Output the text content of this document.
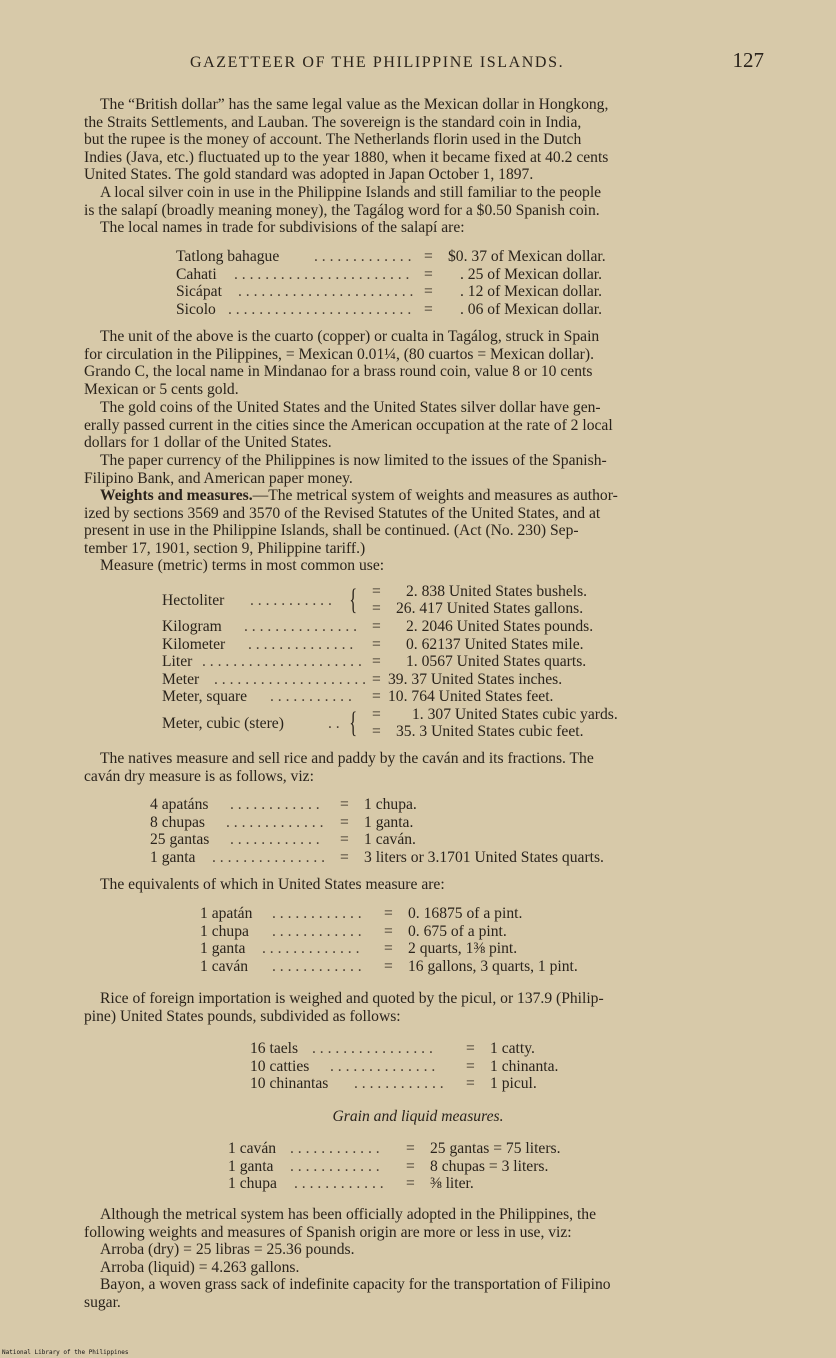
GAZETTEER OF THE PHILIPPINE ISLANDS.	127
The “British dollar” has the same legal value as the Mexican dollar in Hongkong,
the Straits Settlements, and Lauban. The sovereign is the standard coin in India,
but the rupee is the money of account. The Netherlands florin used in the Dutch
Indies (Java, etc.) fluctuated up to the year 1880, when it became fixed at 40.2 cents
United States. The gold standard was adopted in Japan October 1, 1897.
A local silver coin in use in the Philippine Islands and still familiar to the people
is the salapí (broadly meaning money), the Tagálog word for a $0.50 Spanish coin.
The local names in trade for subdivisions of the salapí are:
Tatlong bahague . . . . . . . . . . . . . = $0. 37 of Mexican dollar.
Cahati . . . . . . . . . . . . . . . . . . . . . . . = . 25 of Mexican dollar.
Sicápat . . . . . . . . . . . . . . . . . . . . . . . = . 12 of Mexican dollar.
Sicolo . . . . . . . . . . . . . . . . . . . . . . . . = . 06 of Mexican dollar.
The unit of the above is the cuarto (copper) or cualta in Tagálog, struck in Spain
for circulation in the Pilippines, = Mexican 0.01¼, (80 cuartos = Mexican dollar).
Grando C, the local name in Mindanao for a brass round coin, value 8 or 10 cents
Mexican or 5 cents gold.
The gold coins of the United States and the United States silver dollar have gen-
erally passed current in the cities since the American occupation at the rate of 2 local
dollars for 1 dollar of the United States.
The paper currency of the Philippines is now limited to the issues of the Spanish-
Filipino Bank, and American paper money.
Weights and measures.—The metrical system of weights and measures as author-
ized by sections 3569 and 3570 of the Revised Statutes of the United States, and at
present in use in the Philippine Islands, shall be continued. (Act (No. 230) Sep-
tember 17, 1901, section 9, Philippine tariff.)
Measure (metric) terms in most common use:
Hectoliter . . . . . . . . . . . { = 2. 838 United States bushels.
= 26. 417 United States gallons.
Kilogram . . . . . . . . . . . . . . . = 2. 2046 United States pounds.
Kilometer . . . . . . . . . . . . . . = 0. 62137 United States mile.
Liter . . . . . . . . . . . . . . . . . . . . . = 1. 0567 United States quarts.
Meter . . . . . . . . . . . . . . . . . . . . = 39. 37 United States inches.
Meter, square . . . . . . . . . . . = 10. 764 United States feet.
Meter, cubic (stere)	. . { = 1. 307 United States cubic yards.
= 35. 3 United States cubic feet.
The natives measure and sell rice and paddy by the caván and its fractions. The
caván dry measure is as follows, viz:
4 apatáns . . . . . . . . . . . . = 1 chupa.
8 chupas . . . . . . . . . . . . . = 1 ganta.
25 gantas . . . . . . . . . . . . = 1 caván.
1 ganta . . . . . . . . . . . . . . . = 3 liters or 3.1701 United States quarts.
The equivalents of which in United States measure are:
1 apatán . . . . . . . . . . . . = 0. 16875 of a pint.
1 chupa . . . . . . . . . . . . = 0. 675 of a pint.
1 ganta . . . . . . . . . . . . . = 2 quarts, 1⅜ pint.
1 caván . . . . . . . . . . . . = 16 gallons, 3 quarts, 1 pint.
Rice of foreign importation is weighed and quoted by the picul, or 137.9 (Philip-
pine) United States pounds, subdivided as follows:
16 taels . . . . . . . . . . . . . . . . = 1 catty.
10 catties . . . . . . . . . . . . . . = 1 chinanta.
10 chinantas . . . . . . . . . . . . = 1 picul.
Grain and liquid measures.
1 caván . . . . . . . . . . . . = 25 gantas = 75 liters.
1 ganta . . . . . . . . . . . . = 8 chupas = 3 liters.
1 chupa . . . . . . . . . . . . = ⅜ liter.
Although the metrical system has been officially adopted in the Philippines, the
following weights and measures of Spanish origin are more or less in use, viz:
Arroba (dry) = 25 libras = 25.36 pounds.
Arroba (liquid) = 4.263 gallons.
Bayon, a woven grass sack of indefinite capacity for the transportation of Filipino
sugar.
National Library of the Philippines
